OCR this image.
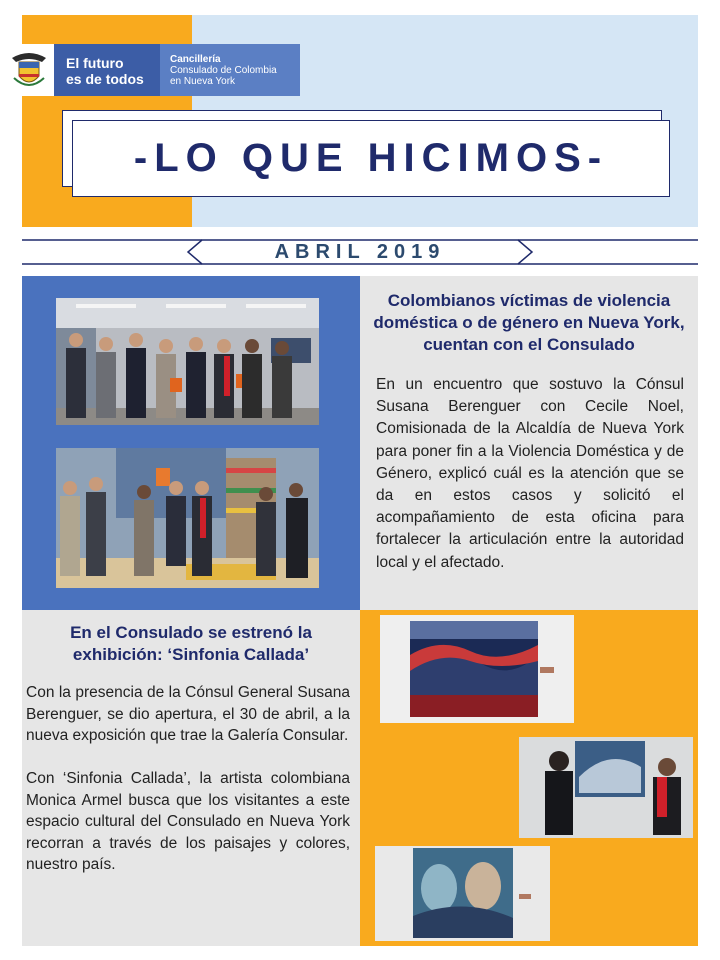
El futuro
es de todos
Cancillería
Consulado de Colombia
en Nueva York
-LO QUE HICIMOS-
ABRIL 2019
Colombianos víctimas de violencia doméstica o de género en Nueva York, cuentan con el Consulado
En un encuentro que sostuvo la Cónsul Susana Berenguer con Cecile Noel, Comisionada de la Alcaldía de Nueva York para poner fin a la Violencia Doméstica y de Género, explicó cuál es la atención que se da en estos casos y solicitó el acompañamiento de esta oficina para fortalecer la articulación entre la autoridad local y el afectado.
En el Consulado se estrenó la exhibición: ‘Sinfonia Callada’

Con la presencia de la Cónsul General Susana Berenguer, se dio apertura, el 30 de abril, a la nueva exposición que trae la Galería Consular.

Con ‘Sinfonia Callada’, la artista colombiana Monica Armel busca que los visitantes a este espacio cultural del Consulado en Nueva York recorran a través de los paisajes y colores, nuestro país.
